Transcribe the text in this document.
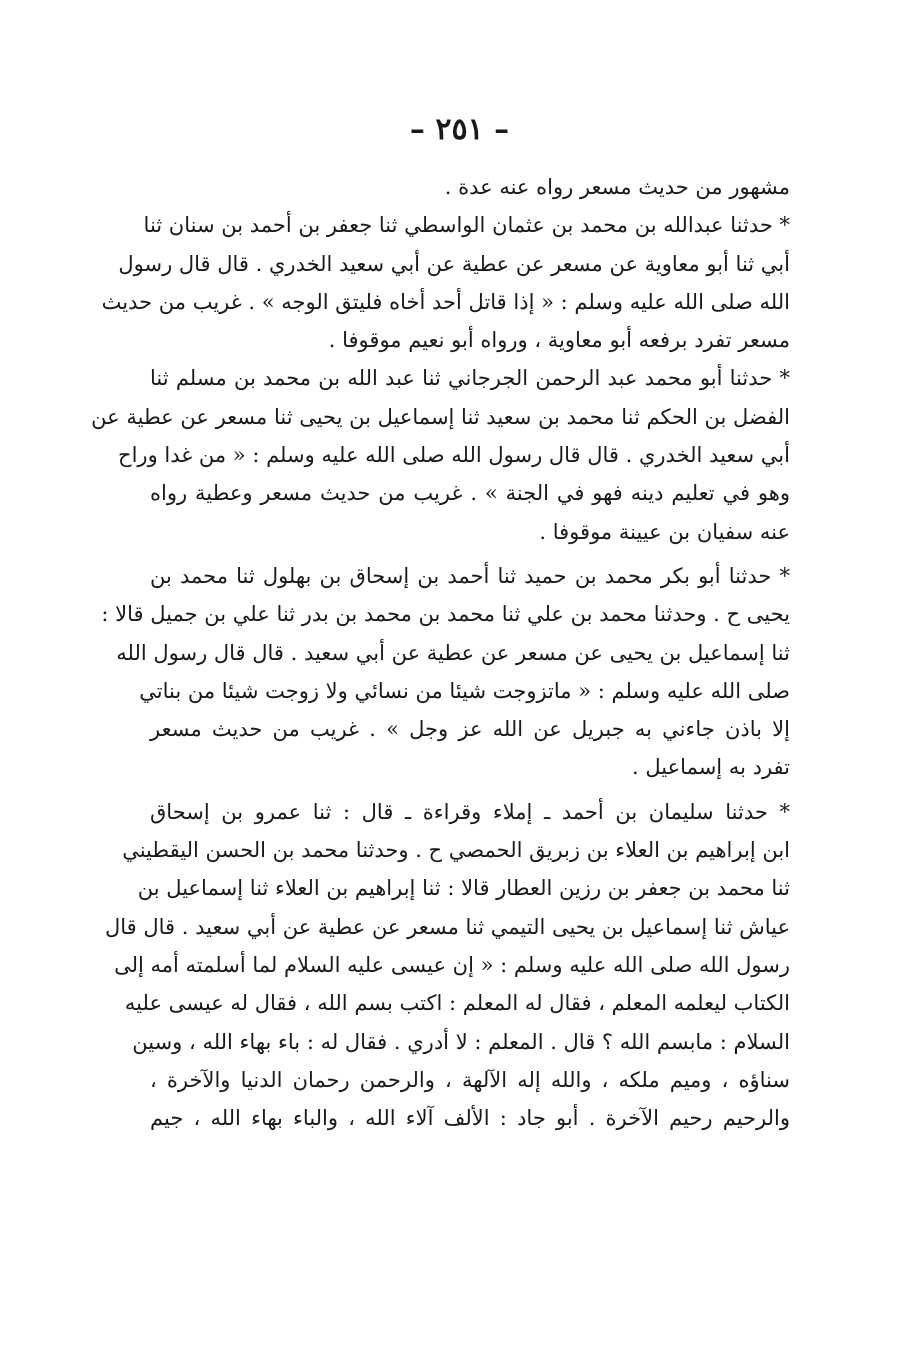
– ٢٥١ –
مشهور من حديث مسعر رواه عنه عدة .
* حدثنا عبدالله بن محمد بن عثمان الواسطي ثنا جعفر بن أحمد بن سنان ثنا
أبي ثنا أبو معاوية عن مسعر عن عطية عن أبي سعيد الخدري . قال قال رسول
الله صلى الله عليه وسلم : « إذا قاتل أحد أخاه فليتق الوجه » . غريب من حديث
مسعر تفرد برفعه أبو معاوية ، ورواه أبو نعيم موقوفا .
* حدثنا أبو محمد عبد الرحمن الجرجاني ثنا عبد الله بن محمد بن مسلم ثنا
الفضل بن الحكم ثنا محمد بن سعيد ثنا إسماعيل بن يحيى ثنا مسعر عن عطية عن
أبي سعيد الخدري . قال قال رسول الله صلى الله عليه وسلم : « من غدا وراح
وهو في تعليم دينه فهو في الجنة » . غريب من حديث مسعر وعطية رواه
عنه سفيان بن عيينة موقوفا .
* حدثنا أبو بكر محمد بن حميد ثنا أحمد بن إسحاق بن بهلول ثنا محمد بن
يحيى ح . وحدثنا محمد بن علي ثنا محمد بن محمد بن بدر ثنا علي بن جميل قالا :
ثنا إسماعيل بن يحيى عن مسعر عن عطية عن أبي سعيد . قال قال رسول الله
صلى الله عليه وسلم : « ماتزوجت شيئا من نسائي ولا زوجت شيئا من بناتي
إلا باذن جاءني به جبريل عن الله عز وجل » . غريب من حديث مسعر
تفرد به إسماعيل .
* حدثنا سليمان بن أحمد ـ إملاء وقراءة ـ قال : ثنا عمرو بن إسحاق
ابن إبراهيم بن العلاء بن زبريق الحمصي ح . وحدثنا محمد بن الحسن اليقطيني
ثنا محمد بن جعفر بن رزين العطار قالا : ثنا إبراهيم بن العلاء ثنا إسماعيل بن
عياش ثنا إسماعيل بن يحيى التيمي ثنا مسعر عن عطية عن أبي سعيد . قال قال
رسول الله صلى الله عليه وسلم : « إن عيسى عليه السلام لما أسلمته أمه إلى
الكتاب ليعلمه المعلم ، فقال له المعلم : اكتب بسم الله ، فقال له عيسى عليه
السلام : مابسم الله ؟ قال . المعلم : لا أدري . فقال له : باء بهاء الله ، وسين
سناؤه ، وميم ملكه ، والله إله الآلهة ، والرحمن رحمان الدنيا والآخرة ،
والرحيم رحيم الآخرة . أبو جاد : الألف آلاء الله ، والباء بهاء الله ، جيم
